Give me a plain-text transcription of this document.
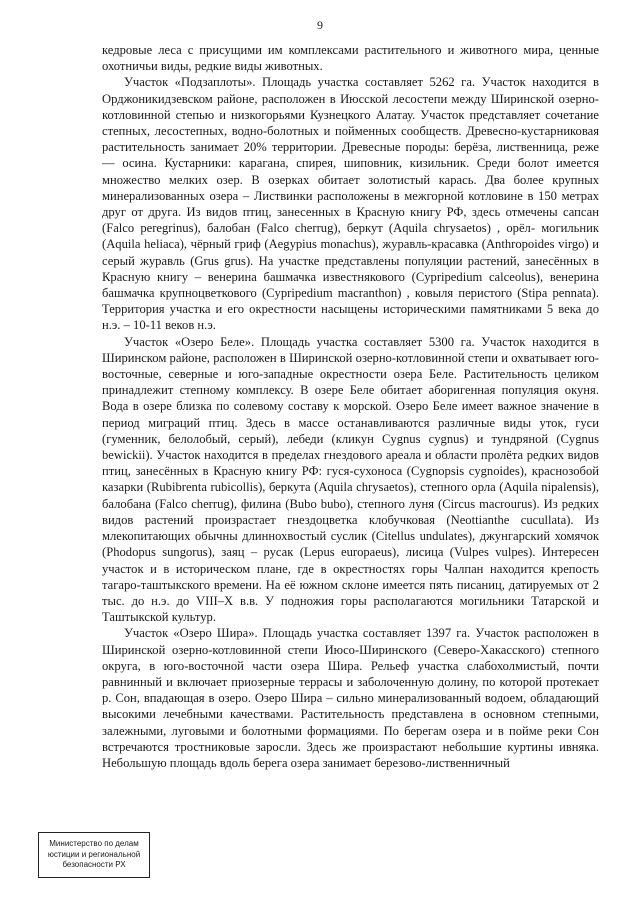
9

кедровые леса с присущими им комплексами растительного и животного мира, ценные охотничьи виды, редкие виды животных.

Участок «Подзаплоты». Площадь участка составляет 5262 га. Участок находится в Орджоникидзевском районе, расположен в Июсской лесостепи между Ширинской озерно-котловинной степью и низкогорьями Кузнецкого Алатау. Участок представляет сочетание степных, лесостепных, водно-болотных и пойменных сообществ. Древесно-кустарниковая растительность занимает 20% территории. Древесные породы: берёза, лиственница, реже — осина. Кустарники: карагана, спирея, шиповник, кизильник. Среди болот имеется множество мелких озер. В озерках обитает золотистый карась. Два более крупных минерализованных озера – Листвинки расположены в межгорной котловине в 150 метрах друг от друга. Из видов птиц, занесенных в Красную книгу РФ, здесь отмечены сапсан (Falco peregrinus), балобан (Falco cherrug), беркут (Aquila chrysaetos) , орёл- могильник (Aquila heliaca), чёрный гриф (Aegypius monachus), журавль-красавка (Anthropoides virgo) и серый журавль (Grus grus). На участке представлены популяции растений, занесённых в Красную книгу – венерина башмачка известнякового (Cypripedium calceolus), венерина башмачка крупноцветкового (Cypripedium macranthon) , ковыля перистого (Stipa pennata). Территория участка и его окрестности насыщены историческими памятниками 5 века до н.э. – 10-11 веков н.э.

Участок «Озеро Беле». Площадь участка составляет 5300 га. Участок находится в Ширинском районе, расположен в Ширинской озерно-котловинной степи и охватывает юго-восточные, северные и юго-западные окрестности озера Беле. Растительность целиком принадлежит степному комплексу. В озере Беле обитает аборигенная популяция окуня. Вода в озере близка по солевому составу к морской. Озеро Беле имеет важное значение в период миграций птиц. Здесь в массе останавливаются различные виды уток, гуси (гуменник, белолобый, серый), лебеди (кликун Cygnus cygnus) и тундряной (Cygnus bewickii). Участок находится в пределах гнездового ареала и области пролёта редких видов птиц, занесённых в Красную книгу РФ: гуся-сухоноса (Cygnopsis cygnoides), краснозобой казарки (Rubibrenta rubicollis), беркута (Aquila chrysaetos), степного орла (Aquila nipalensis), балобана (Falco cherrug), филина (Bubo bubo), степного луня (Circus macrourus). Из редких видов растений произрастает гнездоцветка клобучковая (Neottianthe cucullata). Из млекопитающих обычны длиннохвостый суслик (Citellus undulates), джунгарский хомячок (Phodopus sungorus), заяц – русак (Lepus europaeus), лисица (Vulpes vulpes). Интересен участок и в историческом плане, где в окрестностях горы Чалпан находится крепость тагаро-таштыкского времени. На её южном склоне имеется пять пиcаниц, датируемых от 2 тыс. до н.э. до VIII–X в.в. У подножия горы располагаются могильники Татарской и Таштыкской культур.

Участок «Озеро Шира». Площадь участка составляет 1397 га. Участок расположен в Ширинской озерно-котловинной степи Июсо-Ширинского (Северо-Хакасского) степного округа, в юго-восточной части озера Шира. Рельеф участка слабохолмистый, почти равнинный и включает приозерные террасы и заболоченную долину, по которой протекает р. Сон, впадающая в озеро. Озеро Шира – сильно минерализованный водоем, обладающий высокими лечебными качествами. Растительность представлена в основном степными, залежными, луговыми и болотными формациями. По берегам озера и в пойме реки Сон встречаются тростниковые заросли. Здесь же произрастают небольшие куртины ивняка. Небольшую площадь вдоль берега озера занимает березово-лиственничный

Министерство по делам
юстиции и региональной
безопасности РХ
